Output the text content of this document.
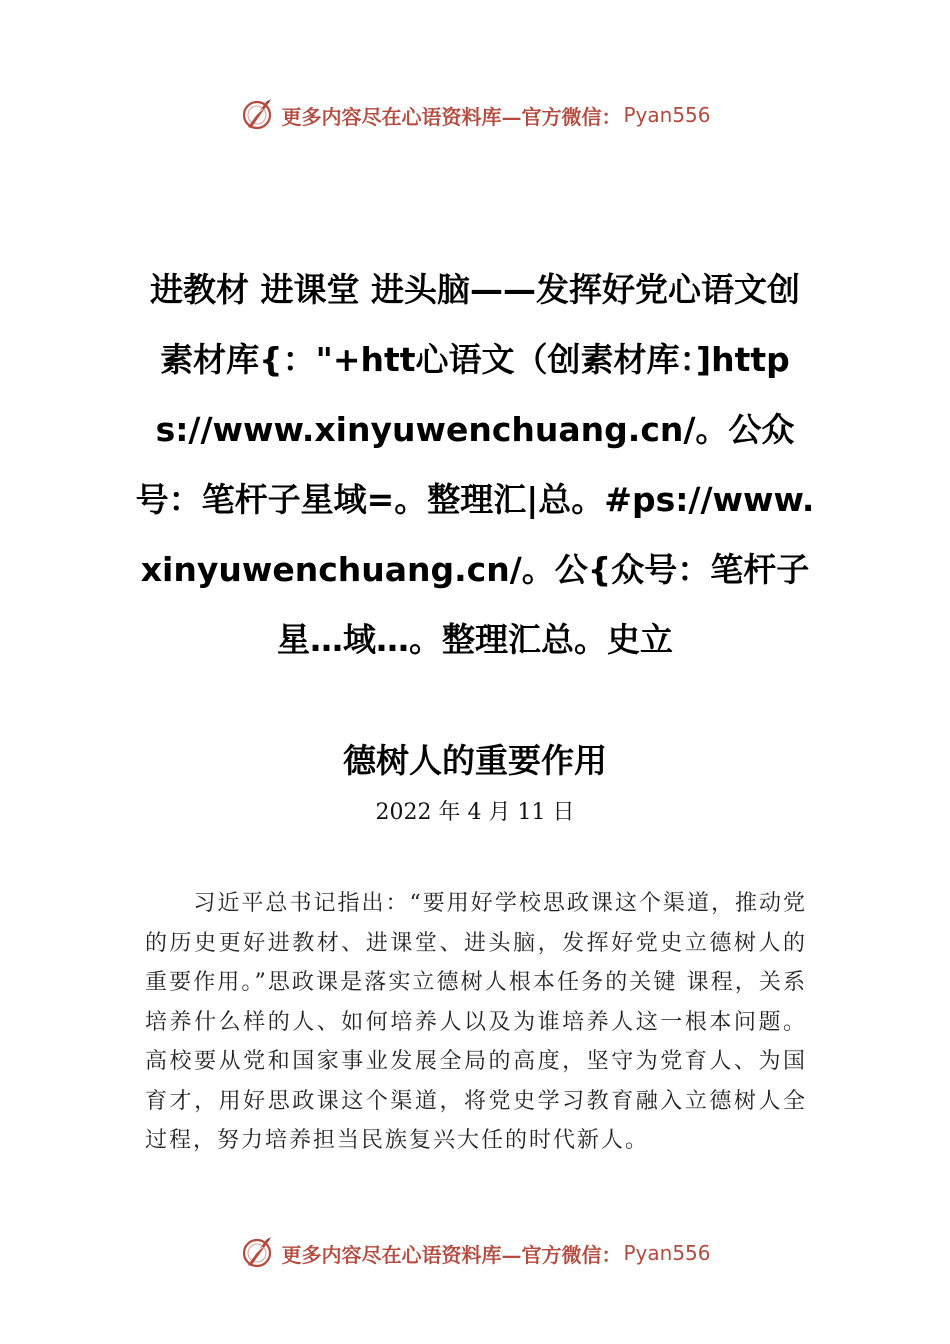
更多内容尽在心语资料库—官方微信： Pyan556
进教材 进课堂 进头脑——发挥好党心语文创素材库{："+htt心语文（创素材库：]https://www.xinyuwenchuang.cn/。公众号：笔杆子星域=。整理汇|总。#ps://www.xinyuwenchuang.cn/。公{众号：笔杆子星…域…。整理汇总。史立
德树人的重要作用
2022 年 4 月 11 日
习近平总书记指出：“要用好学校思政课这个渠道，推动党的历史更好进教材、进课堂、进头脑，发挥好党史立德树人的重要作用。”思政课是落实立德树人根本任务的关键 课程，关系培养什么样的人、如何培养人以及为谁培养人这一根本问题。高校要从党和国家事业发展全局的高度，坚守为党育人、为国育才，用好思政课这个渠道，将党史学习教育融入立德树人全过程，努力培养担当民族复兴大任的时代新人。
更多内容尽在心语资料库—官方微信： Pyan556
